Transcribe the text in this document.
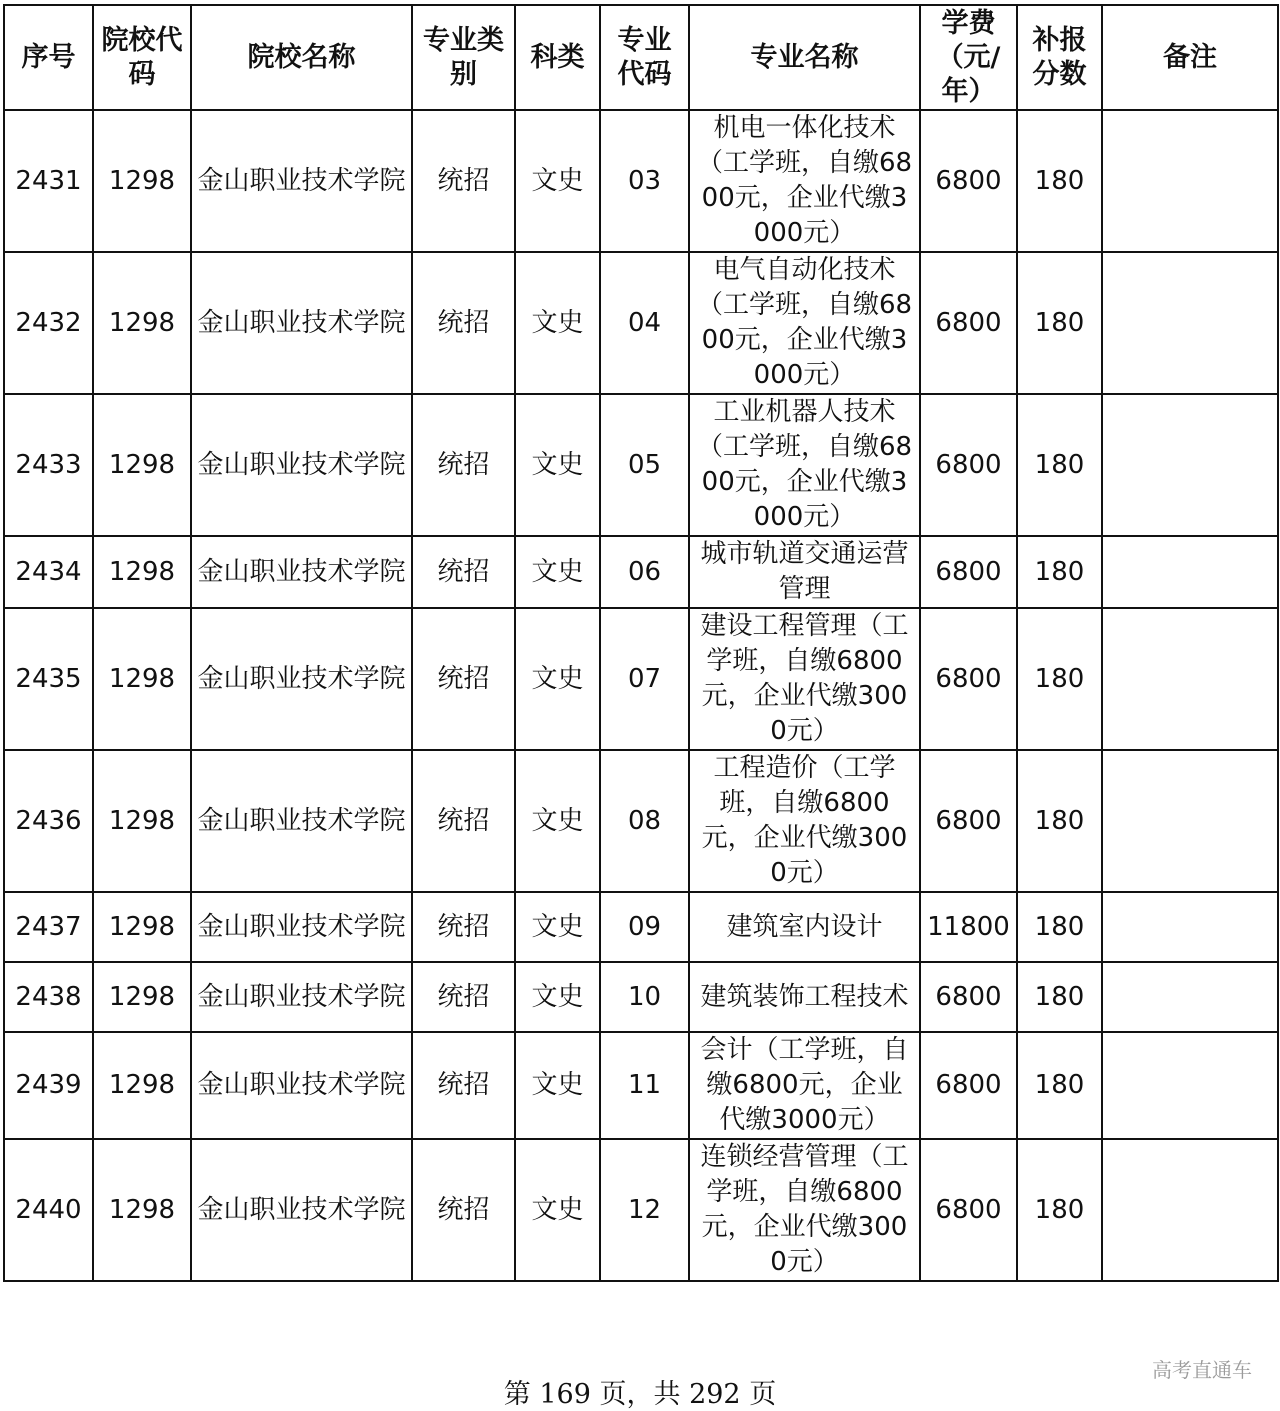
序号	院校代码	院校名称	专业类别	科类	专业代码	专业名称	学费（元/年）	补报分数	备注
2431	1298	金山职业技术学院	统招	文史	03	机电一体化技术（工学班，自缴6800元，企业代缴3000元）	6800	180	
2432	1298	金山职业技术学院	统招	文史	04	电气自动化技术（工学班，自缴6800元，企业代缴3000元）	6800	180	
2433	1298	金山职业技术学院	统招	文史	05	工业机器人技术（工学班，自缴6800元，企业代缴3000元）	6800	180	
2434	1298	金山职业技术学院	统招	文史	06	城市轨道交通运营管理	6800	180	
2435	1298	金山职业技术学院	统招	文史	07	建设工程管理（工学班，自缴6800元，企业代缴3000元）	6800	180	
2436	1298	金山职业技术学院	统招	文史	08	工程造价（工学班，自缴6800元，企业代缴3000元）	6800	180	
2437	1298	金山职业技术学院	统招	文史	09	建筑室内设计	11800	180	
2438	1298	金山职业技术学院	统招	文史	10	建筑装饰工程技术	6800	180	
2439	1298	金山职业技术学院	统招	文史	11	会计（工学班，自缴6800元，企业代缴3000元）	6800	180	
2440	1298	金山职业技术学院	统招	文史	12	连锁经营管理（工学班，自缴6800元，企业代缴3000元）	6800	180	
第 169 页，共 292 页
高考直通车
